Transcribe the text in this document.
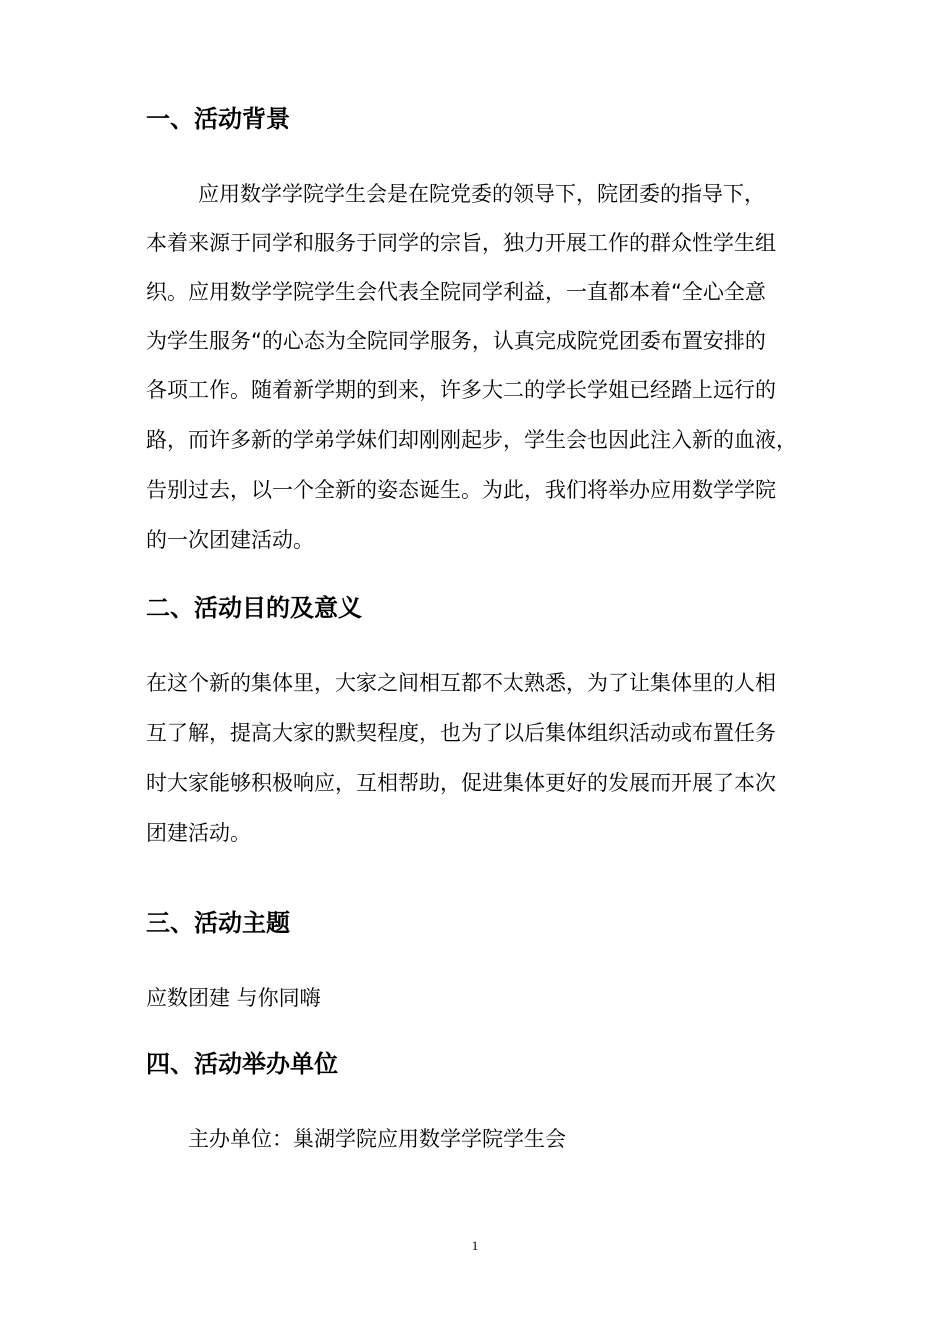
一、活动背景

应用数学学院学生会是在院党委的领导下，院团委的指导下，

本着来源于同学和服务于同学的宗旨，独力开展工作的群众性学生组

织。应用数学学院学生会代表全院同学利益，一直都本着“全心全意

为学生服务“的心态为全院同学服务，认真完成院党团委布置安排的

各项工作。随着新学期的到来，许多大二的学长学姐已经踏上远行的

路，而许多新的学弟学妹们却刚刚起步，学生会也因此注入新的血液，

告别过去，以一个全新的姿态诞生。为此，我们将举办应用数学学院

的一次团建活动。

二、活动目的及意义

在这个新的集体里，大家之间相互都不太熟悉，为了让集体里的人相

互了解，提高大家的默契程度，也为了以后集体组织活动或布置任务

时大家能够积极响应，互相帮助，促进集体更好的发展而开展了本次

团建活动。

三、活动主题

应数团建 与你同嗨

四、活动举办单位

主办单位：巢湖学院应用数学学院学生会

1
